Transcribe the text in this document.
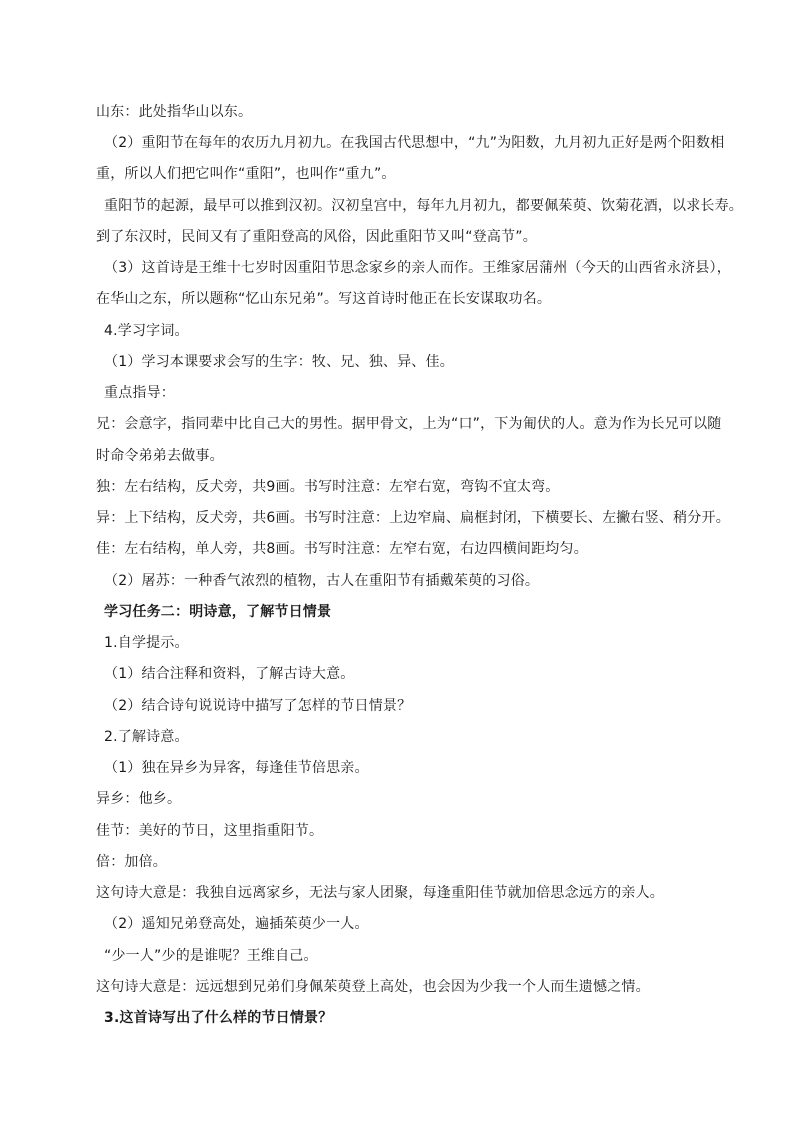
山东：此处指华山以东。
（2）重阳节在每年的农历九月初九。在我国古代思想中，“九”为阳数，九月初九正好是两个阳数相
重，所以人们把它叫作“重阳”，也叫作“重九”。
重阳节的起源，最早可以推到汉初。汉初皇宫中，每年九月初九，都要佩茱萸、饮菊花酒，以求长寿。
到了东汉时，民间又有了重阳登高的风俗，因此重阳节又叫“登高节”。
（3）这首诗是王维十七岁时因重阳节思念家乡的亲人而作。王维家居蒲州（今天的山西省永济县），
在华山之东，所以题称“忆山东兄弟”。写这首诗时他正在长安谋取功名。
4.学习字词。
（1）学习本课要求会写的生字：牧、兄、独、异、佳。
重点指导：
兄：会意字，指同辈中比自己大的男性。据甲骨文，上为“口”，下为匍伏的人。意为作为长兄可以随
时命令弟弟去做事。
独：左右结构，反犬旁，共9画。书写时注意：左窄右宽，弯钩不宜太弯。
异：上下结构，反犬旁，共6画。书写时注意：上边窄扁、扁框封闭，下横要长、左撇右竖、稍分开。
佳：左右结构，单人旁，共8画。书写时注意：左窄右宽，右边四横间距均匀。
（2）屠苏：一种香气浓烈的植物，古人在重阳节有插戴茱萸的习俗。
学习任务二：明诗意，了解节日情景
1.自学提示。
（1）结合注释和资料，了解古诗大意。
（2）结合诗句说说诗中描写了怎样的节日情景？
2.了解诗意。
（1）独在异乡为异客，每逢佳节倍思亲。
异乡：他乡。
佳节：美好的节日，这里指重阳节。
倍：加倍。
这句诗大意是：我独自远离家乡，无法与家人团聚，每逢重阳佳节就加倍思念远方的亲人。
（2）遥知兄弟登高处，遍插茱萸少一人。
“少一人”少的是谁呢？王维自己。
这句诗大意是：远远想到兄弟们身佩茱萸登上高处，也会因为少我一个人而生遗憾之情。
3.这首诗写出了什么样的节日情景？
